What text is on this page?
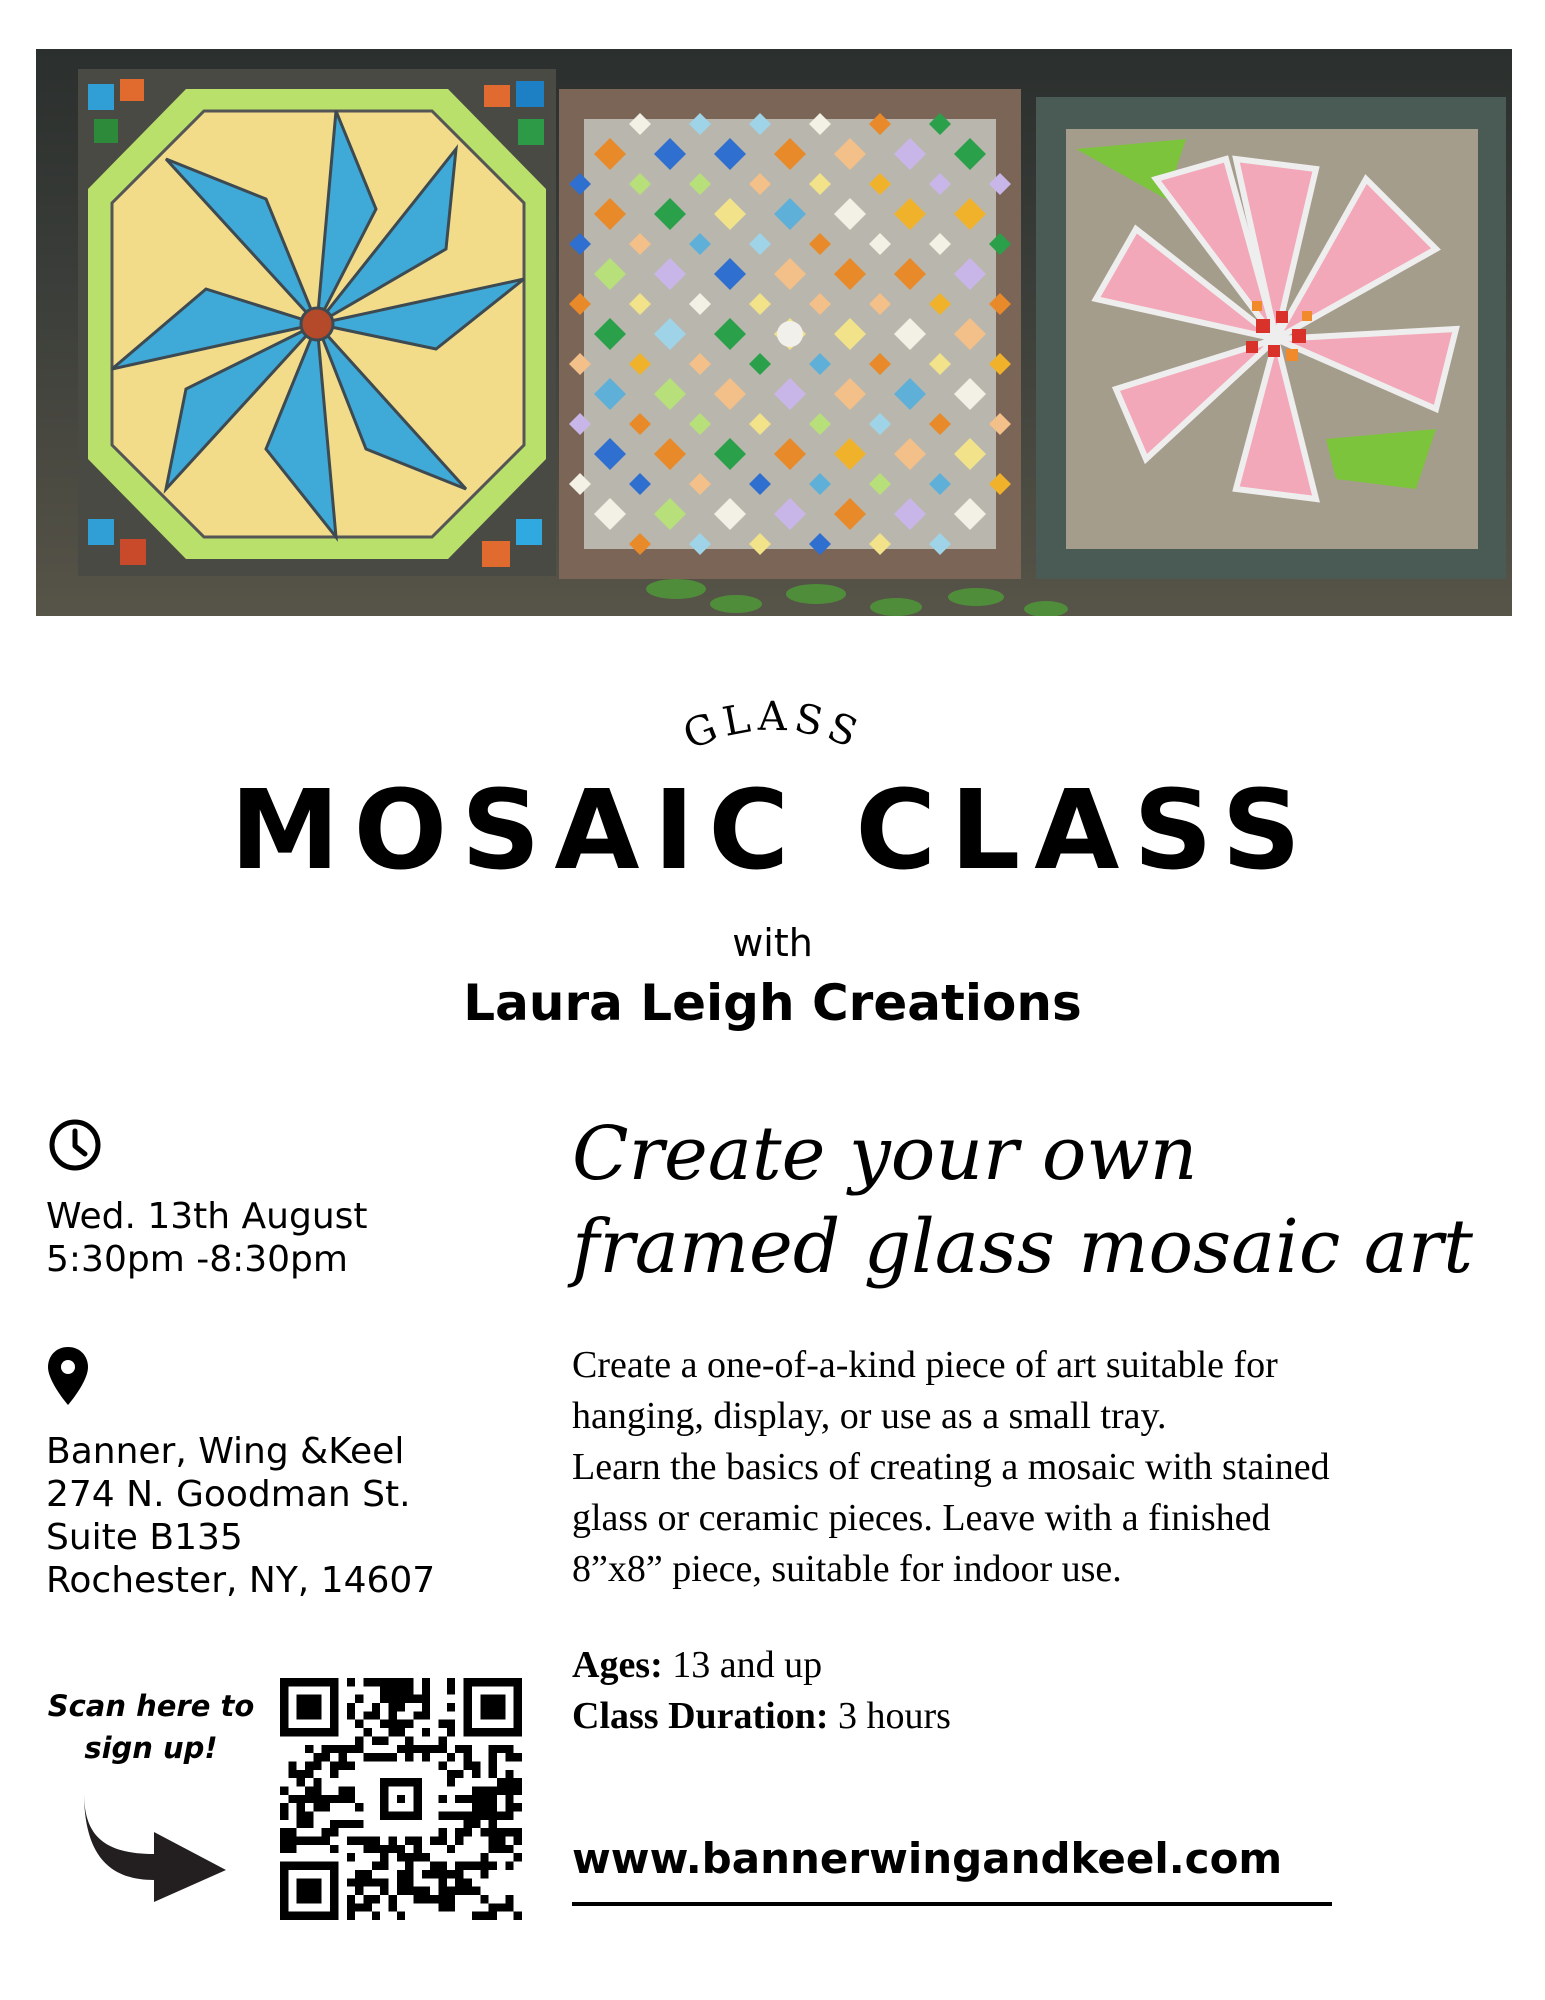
GLASS
MOSAIC CLASS
with
Laura Leigh Creations
Wed. 13th August
5:30pm -8:30pm
Banner, Wing &Keel
274 N. Goodman St.
Suite B135
Rochester, NY, 14607
Scan here to
sign up!
Create your own
framed glass mosaic art
Create a one-of-a-kind piece of art suitable for
hanging, display, or use as a small tray.
Learn the basics of creating a mosaic with stained
glass or ceramic pieces. Leave with a finished
8”x8” piece, suitable for indoor use.
Ages: 13 and up
Class Duration: 3 hours
www.bannerwingandkeel.com
